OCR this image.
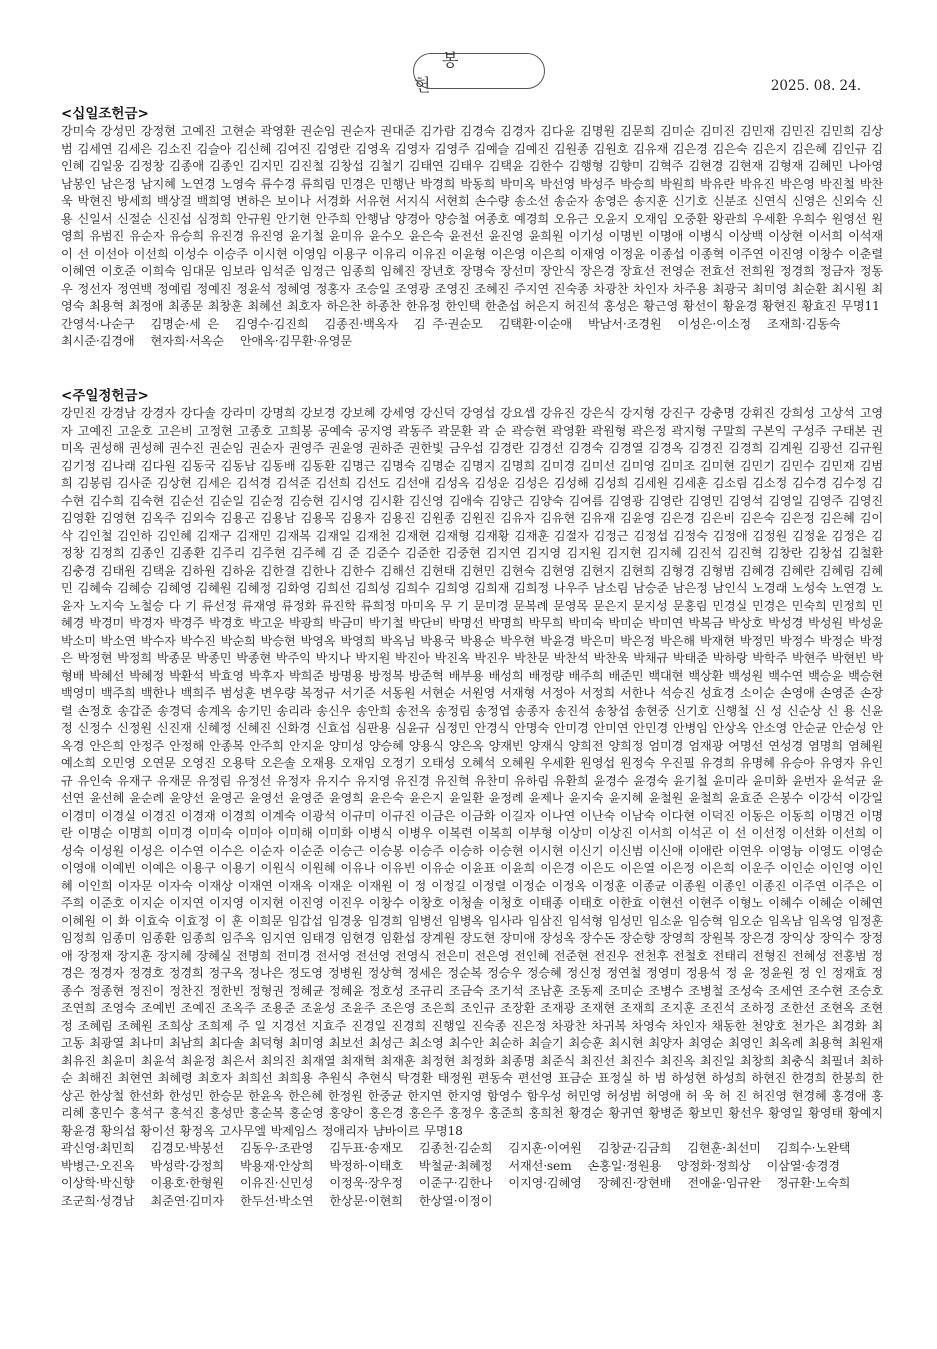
봉 헌	2025. 08. 24.
<십일조헌금>
강미숙 강성민 강정현 고예진 고현순 곽영환 권순임 권순자 권대준 김가람 김경숙 김경자 김다윤 김명원 김문희 김미순 김미진 김민재 김민진 김민희 김상범 김세연 김세은 김소진 김슬아 김신혜 김여진 김영란 김영옥 김영자 김영주 김예슬 김예진 김원종 김원호 김유재 김은경 김은숙 김은지 김은혜 김인규 김인혜 김일웅 김정창 김종애 김종인 김지민 김진철 김창섭 김철기 김태연 김태우 김택윤 김한수 김행형 김향미 김혁주 김현경 김현재 김형재 김혜민 나아영 남봉인 남은정 남지혜 노연경 노영숙 류수경 류희림 민경은 민행난 박경희 박동희 박미옥 박선영 박성주 박승희 박원희 박유란 박유진 박은영 박진철 박찬욱 박현진 방세희 백상걸 백희영 변하은 보이나 서경화 서유현 서지식 서현희 손수량 송소선 송순자 송영은 송지훈 신기호 신분조 신연식 신영은 신외숙 신 용 신일서 신절순 신진섭 심정희 안규원 안기현 안주희 안행남 양경아 양승철 여종호 예경희 오유근 오윤지 오재임 오중환 왕관희 우세환 우희수 원영선 원영희 유범진 유순자 유승희 유진경 유진영 윤기철 윤미유 윤수오 윤은숙 윤전선 윤진영 윤희원 이기성 이명빈 이명애 이병식 이상백 이상현 이서희 이석재 이 선 이선아 이선희 이성수 이승주 이시현 이영임 이용구 이유리 이유진 이윤형 이은영 이은희 이재영 이정윤 이종섭 이종혁 이주연 이진영 이창수 이춘렬 이혜연 이호준 이희숙 임대문 임보라 임석준 임정근 임종희 임혜진 장년호 장명숙 장선미 장안식 장은경 장효선 전영순 전효선 전희원 정경희 정금자 정동우 정선자 정연백 정예림 정예진 정윤석 정혜영 정홍자 조승일 조영광 조영진 조혜진 주지연 진숙종 차광찬 차인자 차주용 최광국 최미영 최순환 최시원 최영숙 최용혁 최정애 최종문 최창훈 최혜선 최호자 하은찬 하종찬 한유정 한인택 한춘섭 허은지 허진석 홍성은 황근영 황선이 황윤경 황현진 황효진 무명11
간영석·나순구 김명순·세 은 김영수·김진희 김종진·백옥자 김 주·권순모 김택환·이순애 박남서·조경원 이성은·이소정 조재희·김동숙최시준·김경애 현자희·서옥순 안애옥·김무환·유영문
<주일정헌금>
강민진 강경남 강경자 강다솔 강라미 강명희 강보경 강보혜 강세영 강신덕 강영섭 강요셉 강유진 강은식 강지형 강진구 강충명 강휘진 강희성 고상석 고영자 고예진 고운호 고은비 고정현 고종호 고희봉 공예숙 공지영 곽동주 곽문환 곽 순 곽승현 곽영환 곽원형 곽은정 곽지형 구말희 구본익 구성주 구태본 권미옥 권성해 권성혜 권수진 권순임 권순자 권영주 권윤영 권하준 권한빛 금우섭 김경란 김경선 김경숙 김경열 김경옥 김경진 김경희 김계원 김광선 김규원 김기정 김나래 김다원 김동국 김동남 김동배 김동환 김명근 김명숙 김명순 김명지 김명희 김미경 김미선 김미영 김미조 김미현 김민기 김민수 김민재 김범희 김봉림 김사준 김상현 김세은 김석경 김석준 김선희 김선도 김선애 김성옥 김성운 김성은 김성해 김성희 김세원 김세훈 김소림 김소정 김수경 김수정 김수현 김수희 김숙현 김순선 김순일 김순정 김승현 김시영 김시환 김신영 김애숙 김양근 김양숙 김여름 김영광 김영란 김영민 김영석 김영일 김영주 김영진 김영환 김영현 김옥주 김외숙 김용곤 김용남 김용목 김용자 김용진 김원종 김원진 김유자 김유현 김유재 김윤영 김은경 김은비 김은숙 김은정 김은혜 김이삭 김인철 김인하 김인혜 김재구 김재민 김재복 김재일 김재천 김재현 김재형 김재황 김재훈 김절자 김정근 김정섭 김정숙 김정애 김정원 김정윤 김정은 김정창 김정희 김종인 김종환 김주리 김주현 김주혜 김 준 김준수 김준한 김중현 김지연 김지영 김지원 김지현 김지혜 김진석 김진혁 김창란 김창섭 김철환 김충경 김태원 김택윤 김하원 김하윤 김한결 김한나 김한수 김해선 김현태 김현민 김현숙 김현영 김현지 김현희 김형경 김형범 김혜경 김혜란 김혜림 김혜민 김혜숙 김혜승 김혜영 김혜원 김혜정 김화영 김희선 김희성 김희수 김희영 김희재 김희정 나우주 남소림 남승준 남은정 남인식 노경래 노성숙 노연경 노윤자 노지숙 노철승 다 기 류선정 류재영 류정화 류진학 류희정 마미옥 무 기 문미경 문복례 문영목 문은지 문지성 문홍림 민경실 민경은 민숙희 민정희 민혜경 박경미 박경자 박경주 박경호 박고운 박광희 박금미 박기철 박단비 박명선 박명희 박무희 박미숙 박미순 박미연 박복금 박상호 박성경 박성원 박성윤 박소미 박소연 박수자 박수진 박순희 박승현 박영옥 박영희 박옥님 박용국 박용순 박우현 박윤경 박은미 박은정 박은해 박재현 박정민 박정수 박정순 박정은 박정현 박정희 박종문 박종민 박종현 박주익 박지나 박지원 박진아 박진옥 박진우 박찬문 박찬석 박찬욱 박채규 박태준 박하랑 박학주 박현주 박현빈 박형배 박혜선 박혜정 박환석 박효영 박후자 박희준 방명용 방정복 방준혁 배부용 배성희 배정량 배주희 배준민 백대현 백상환 백성원 백수연 백승윤 백승현 백영미 백주희 백한나 백희주 범성훈 변우량 복정규 서기준 서동원 서현순 서원영 서재형 서정아 서정희 서한나 석승진 성효경 소이순 손영애 손영준 손장렬 손정호 송갑준 송경덕 송계옥 송기민 송리라 송신우 송안희 송전옥 송정림 송정엽 송종자 송진석 송창섭 송현중 신기호 신행철 신 성 신순상 신 용 신윤정 신정수 신정원 신진재 신혜정 신혜진 신화경 신효섭 심판용 심윤규 심정민 안경식 안명숙 안미경 안미연 안민경 안병임 안상옥 안소영 안순균 안순성 안옥경 안은희 안정주 안정해 안종복 안주희 안지윤 양미성 양승혜 양용식 양은옥 양재빈 양재식 양희전 양희정 엄미경 엄재광 여명선 연성경 염명희 염혜원 예소희 오민영 오연문 오영진 오용탁 오은솔 오재용 오재임 오정기 오태성 오혜석 오혜원 우세환 원영섭 원정숙 우진필 유경희 유명혜 유승아 유영자 유인규 유인숙 유재구 유재문 유정림 유정선 유정자 유지수 유지영 유진경 유진혁 유찬미 유하림 유환희 윤경수 윤경숙 윤기철 윤미라 윤미화 윤번자 윤석균 윤선연 윤선혜 윤순례 윤양선 윤영곤 윤영선 윤영준 윤영희 윤은숙 윤은지 윤일환 윤정례 윤제나 윤지숙 윤지혜 윤철원 윤철희 윤효준 은봉수 이강석 이강일 이경미 이경실 이경진 이경재 이경희 이계숙 이광석 이규미 이규진 이금은 이금화 이길자 이나연 이난숙 이남숙 이다현 이덕진 이동은 이동희 이명건 이명란 이명순 이명희 이미경 이미숙 이미아 이미해 이미화 이병식 이병우 이복련 이복희 이부형 이상미 이상진 이서희 이석곤 이 선 이선정 이선화 이선희 이성숙 이성원 이성은 이수연 이수은 이순자 이순준 이승근 이승봉 이승주 이승하 이승현 이시현 이신기 이신범 이신애 이애란 이연우 이영늉 이영도 이영순 이영애 이예빈 이예은 이용구 이용기 이원식 이원혜 이유나 이유빈 이유순 이윤표 이윤희 이은경 이은도 이은열 이은정 이은희 이운주 이인순 이인영 이인혜 이인희 이자문 이자숙 이재상 이재연 이재옥 이재운 이재원 이 정 이정길 이정렬 이정순 이정옥 이정훈 이종균 이종원 이종인 이종진 이주연 이주은 이주희 이준호 이지순 이지연 이지영 이지현 이진영 이진우 이창수 이창호 이청솔 이청호 이태종 이태호 이한효 이현선 이현주 이형노 이혜수 이혜순 이혜연 이혜원 이 화 이효숙 이효정 이 훈 이희문 임갑섭 임경웅 임경희 임병선 임병옥 임사라 임삼진 임석형 임성민 임소윤 임승혁 임오순 임옥남 임옥영 임정훈 임정희 임종미 임종환 임종희 임주옥 임지연 임태경 임현경 임환섭 장계원 장도현 장미애 장성옥 장수돈 장순향 장영희 장원복 장은경 장익상 장익수 장정애 장정재 장지훈 장지혜 장혜실 전명희 전미경 전서영 전선영 전영식 전은미 전은영 전인혜 전준현 전진우 전천후 전철호 전태리 전형진 전혜성 전홍범 정경은 정경자 정경호 정경희 정구옥 정나은 정도영 정병원 정상혁 정세은 정순복 정승우 정승혜 정신정 정연철 정영미 정용석 정 윤 정윤원 정 인 정재효 정종수 정종현 정진이 정찬진 정한빈 정형권 정혜균 정혜윤 정호성 조규리 조금숙 조기석 조남훈 조동제 조미순 조병수 조병철 조성숙 조세연 조수현 조승호 조연희 조영숙 조예빈 조예진 조옥주 조용준 조윤성 조윤주 조은영 조은희 조인규 조장환 조재광 조재현 조재희 조지훈 조진석 조하정 조한선 조현옥 조현정 조혜림 조혜원 조희상 조희제 주 일 지경선 지효주 진경일 진경희 진행일 진숙종 진은정 차광찬 차귀복 차영숙 차인자 채동한 천양호 천가은 최경화 최고동 최광열 최나미 최남희 최다솔 최덕형 최미영 최보선 최성근 최소영 최수안 최순하 최슬기 최승훈 최시현 최양자 최영순 최영인 최옥례 최용혁 최원재 최유진 최윤미 최윤석 최윤정 최은서 최의진 최재열 최재혁 최재훈 최정현 최정화 최종명 최준식 최진선 최진수 최진옥 최진일 최창희 최충식 최필녀 최하순 최해진 최현연 최혜령 최호자 최희선 최희용 추원식 추현식 탁경환 태정원 편동숙 편선영 표금순 표정실 하 범 하성현 하성희 하현진 한경희 한봉희 한상곤 한상철 한선화 한성민 한승문 한윤옥 한은혜 한정원 한중균 한지연 한지영 함영수 함우성 허민영 허성범 허영애 허 욱 허 진 허진영 현경혜 홍경애 홍리혜 홍민수 홍석구 홍석진 홍성만 홍순복 홍순영 홍양이 홍은경 홍은주 홍정우 홍준희 홍희천 황경순 황귀연 황병준 황보민 황선우 황영일 황영태 황예지 황윤경 황의섭 황이선 황정옥 고사무엘 박제임스 정애리자 냠바이르 무명18
곽신영·최민희 김경모·박봉선 김동우·조관영 김두표·송재모 김종천·김순희 김지훈·이여원 김창균·김금희 김현훈·최선미 김희수·노완택박병근·오진옥 박성락·강정희 박용재·안상희 박정하·이태호 박철균·최혜정 서재선·sem 손홍일·정원용 양정화·정희상 이삼열·송경경이상학·박신향 이용호·한형원 이유진·신민성 이정욱·장우정 이준구·김한나 이지영·김혜영 장혜진·장현배 전애윤·임규완 정규환·노숙희조군희·성경남 최준연·김미자 한두선·박소연 한상문·이현희 한상열·이정이
